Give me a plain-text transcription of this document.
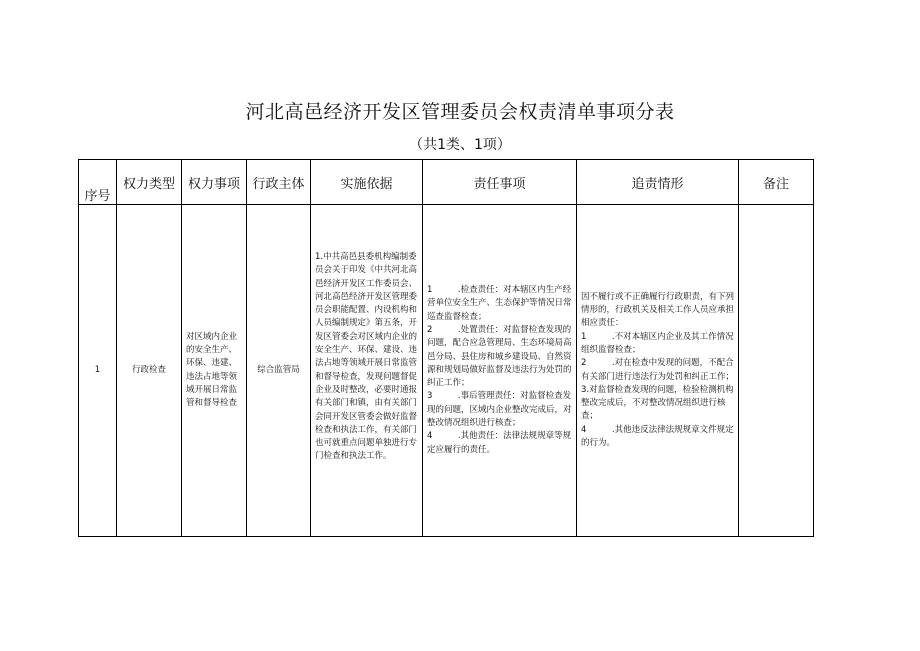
河北高邑经济开发区管理委员会权责清单事项分表
（共1类、1项）
序号	权力类型	权力事项	行政主体	实施依据	责任事项	追责情形	备注
1	行政检查	对区域内企业的安全生产、环保、违建、违法占地等领域开展日常监管和督导检查	综合监管局	1.中共高邑县委机构编制委员会关于印发《中共河北高邑经济开发区工作委员会、河北高邑经济开发区管理委员会职能配置、内设机构和人员编制规定》第五条，开发区管委会对区域内企业的安全生产、环保、建设、违法占地等领域开展日常监管和督导检查，发现问题督促企业及时整改，必要时通报有关部门和镇，由有关部门会同开发区管委会做好监督检查和执法工作，有关部门也可就重点问题单独进行专门检查和执法工作。	1　　　.检查责任：对本辖区内生产经营单位安全生产、生态保护等情况日常巡查监督检查；
2　　　.处置责任：对监督检查发现的问题，配合应急管理局、生态环境局高邑分局、县住房和城乡建设局、自然资源和规划局做好监督及违法行为处罚的纠正工作；
3　　　.事后管理责任：对监督检查发现的问题，区域内企业整改完成后，对整改情况组织进行核查；
4　　　.其他责任：法律法规规章等规定应履行的责任。	因不履行或不正确履行行政职责，有下列情形的，行政机关及相关工作人员应承担相应责任：
1　　　.不对本辖区内企业及其工作情况组织监督检查；
2　　　.对在检查中发现的问题，不配合有关部门进行违法行为处罚和纠正工作；
3.对监督检查发现的问题，检验检测机构整改完成后，不对整改情况组织进行核查；
4　　　.其他违反法律法规规章文件规定的行为。	
